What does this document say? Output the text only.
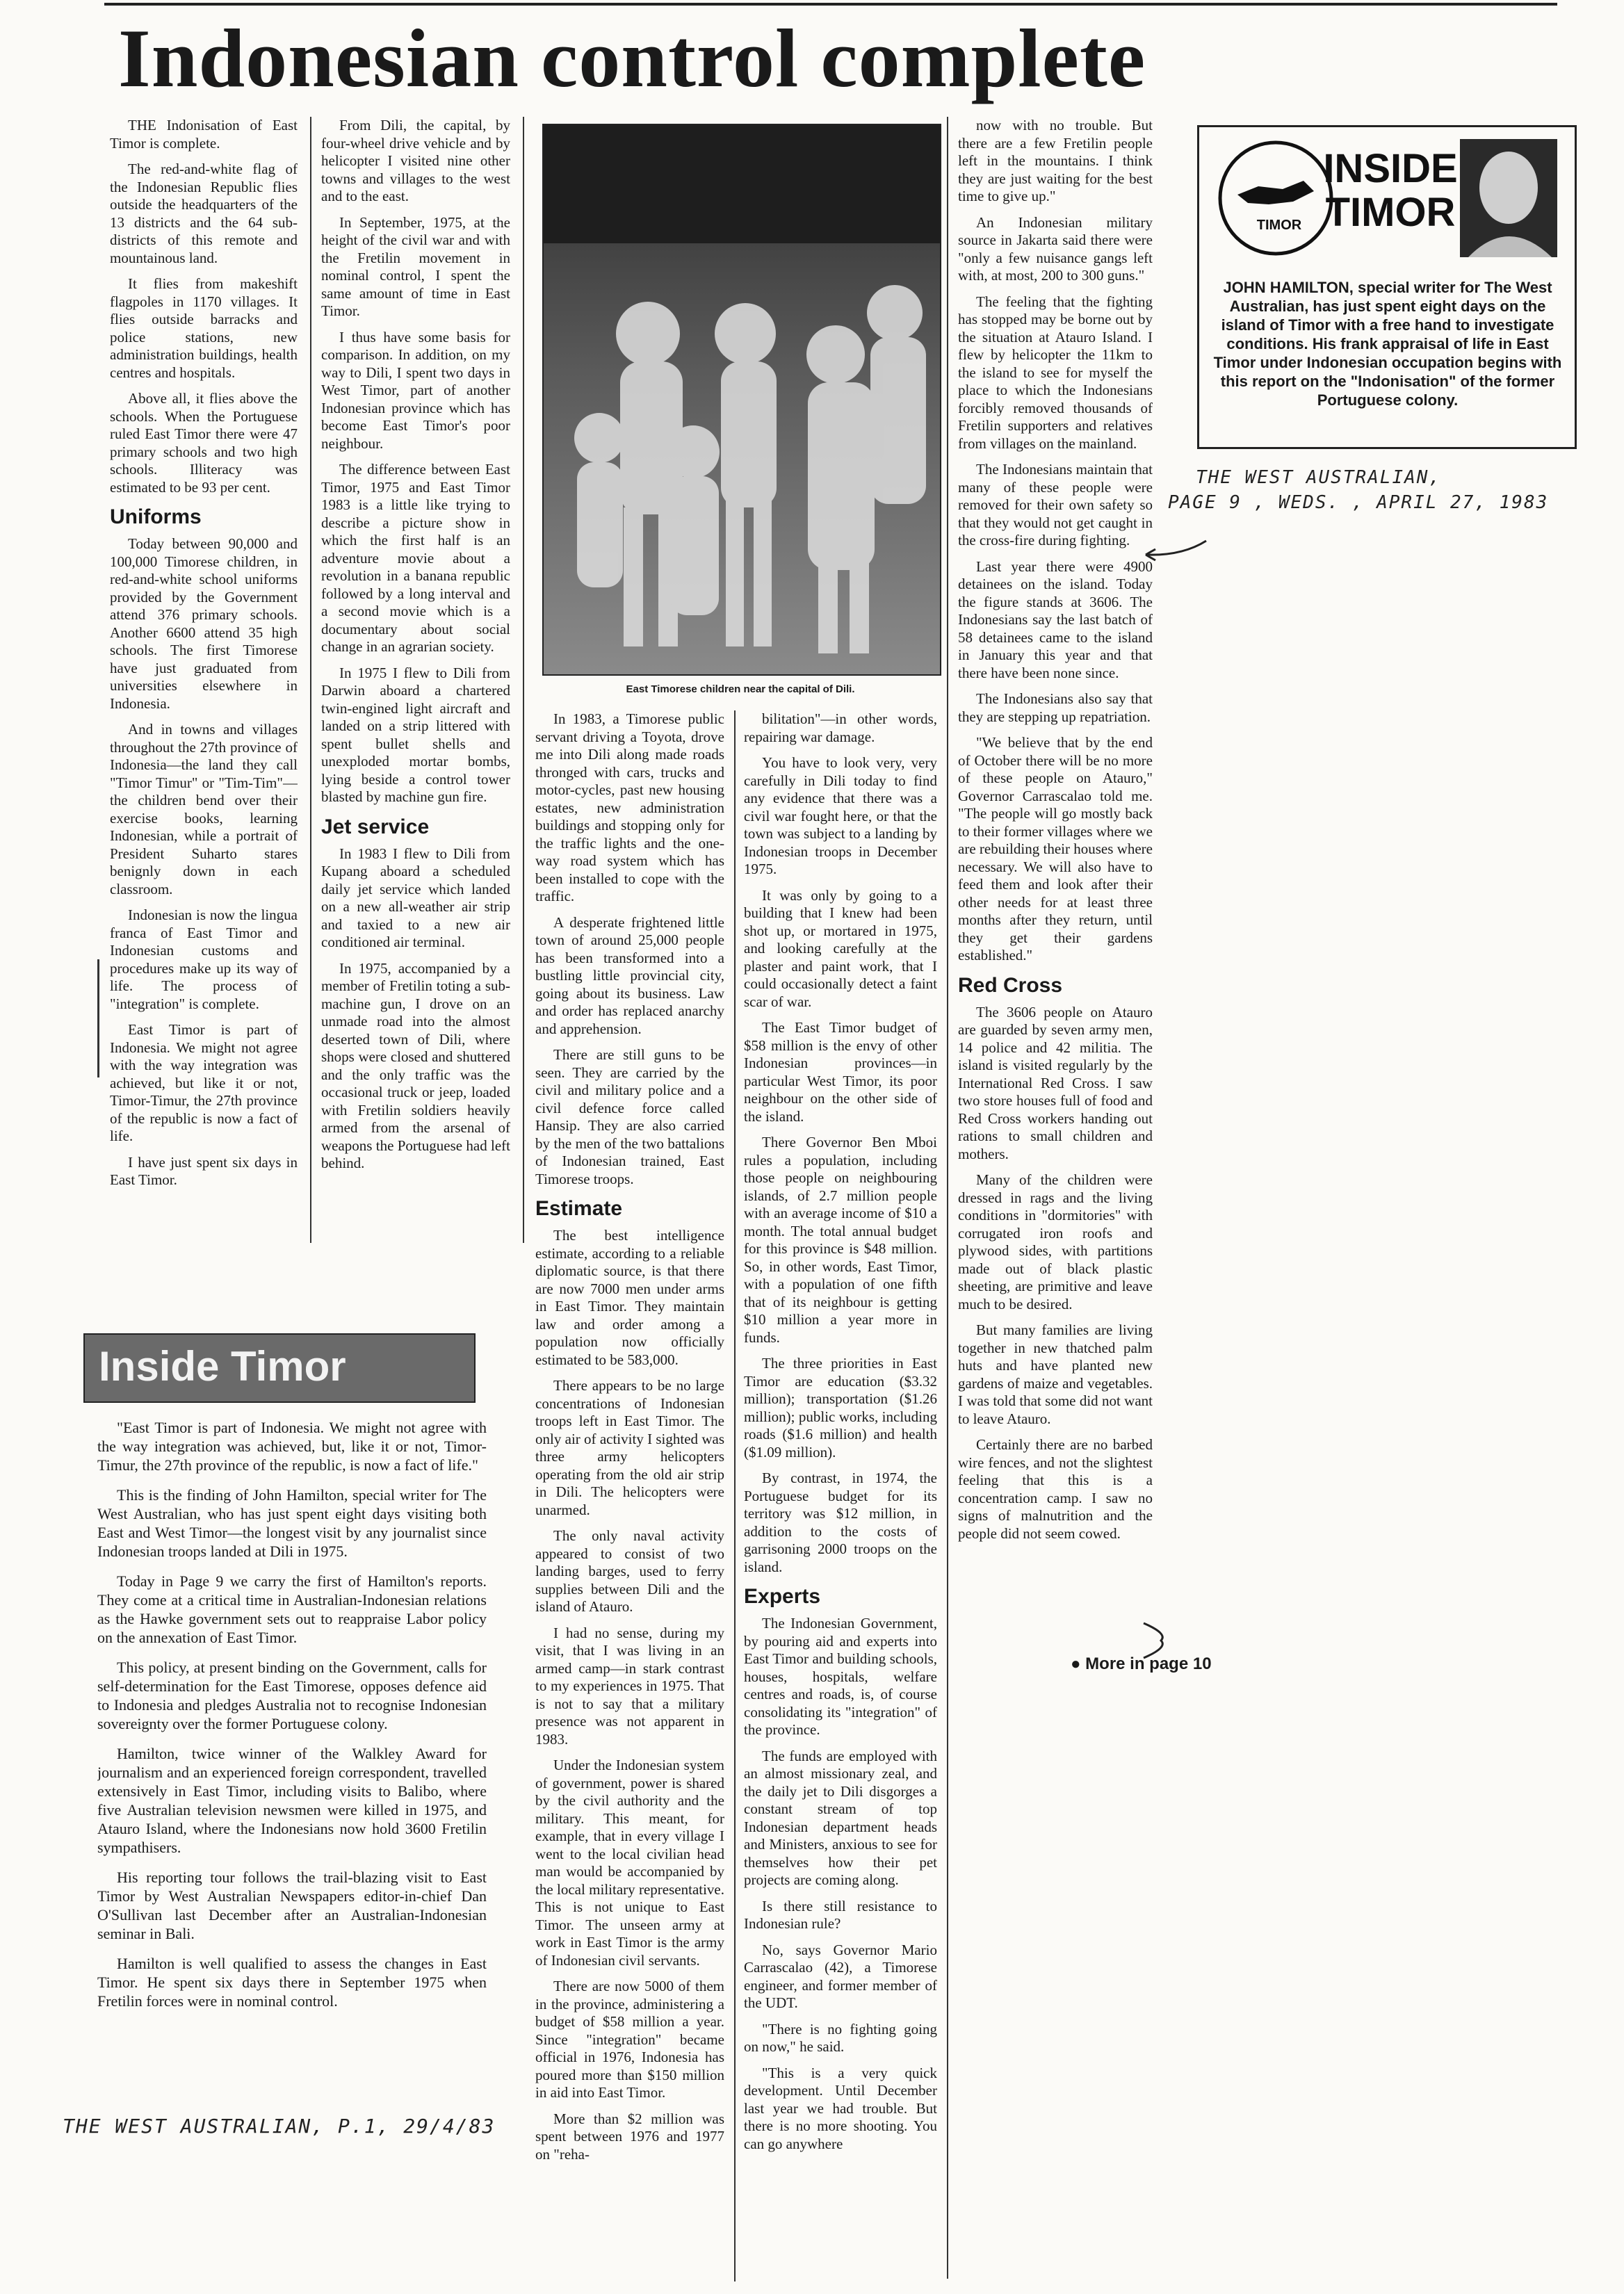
Indonesian control complete

THE Indonisation of East Timor is complete.

The red-and-white flag of the Indonesian Republic flies outside the headquarters of the 13 districts and the 64 sub-districts of this remote and mountainous land.

It flies from makeshift flagpoles in 1170 villages. It flies outside barracks and police stations, new administration buildings, health centres and hospitals.

Above all, it flies above the schools. When the Portuguese ruled East Timor there were 47 primary schools and two high schools. Illiteracy was estimated to be 93 per cent.

Uniforms

Today between 90,000 and 100,000 Timorese children, in red-and-white school uniforms provided by the Government attend 376 primary schools. Another 6600 attend 35 high schools. The first Timorese have just graduated from universities elsewhere in Indonesia.

And in towns and villages throughout the 27th province of Indonesia—the land they call "Timor Timur" or "Tim-Tim"—the children bend over their exercise books, learning Indonesian, while a portrait of President Suharto stares benignly down in each classroom.

Indonesian is now the lingua franca of East Timor and Indonesian customs and procedures make up its way of life. The process of "integration" is complete.

East Timor is part of Indonesia. We might not agree with the way integration was achieved, but like it or not, Timor-Timur, the 27th province of the republic is now a fact of life.

I have just spent six days in East Timor.

From Dili, the capital, by four-wheel drive vehicle and by helicopter I visited nine other towns and villages to the west and to the east.

In September, 1975, at the height of the civil war and with the Fretilin movement in nominal control, I spent the same amount of time in East Timor.

I thus have some basis for comparison. In addition, on my way to Dili, I spent two days in West Timor, part of another Indonesian province which has become East Timor's poor neighbour.

The difference between East Timor, 1975 and East Timor 1983 is a little like trying to describe a picture show in which the first half is an adventure movie about a revolution in a banana republic followed by a long interval and a second movie which is a documentary about social change in an agrarian society.

In 1975 I flew to Dili from Darwin aboard a chartered twin-engined light aircraft and landed on a strip littered with spent bullet shells and unexploded mortar bombs, lying beside a control tower blasted by machine gun fire.

Jet service

In 1983 I flew to Dili from Kupang aboard a scheduled daily jet service which landed on a new all-weather air strip and taxied to a new air conditioned air terminal.

In 1975, accompanied by a member of Fretilin toting a sub-machine gun, I drove on an unmade road into the almost deserted town of Dili, where shops were closed and shuttered and the only traffic was the occasional truck or jeep, loaded with Fretilin soldiers heavily armed from the arsenal of weapons the Portuguese had left behind.

East Timorese children near the capital of Dili.

In 1983, a Timorese public servant driving a Toyota, drove me into Dili along made roads thronged with cars, trucks and motor-cycles, past new housing estates, new administration buildings and stopping only for the traffic lights and the one-way road system which has been installed to cope with the traffic.

A desperate frightened little town of around 25,000 people has been transformed into a bustling little provincial city, going about its business. Law and order has replaced anarchy and apprehension.

There are still guns to be seen. They are carried by the civil and military police and a civil defence force called Hansip. They are also carried by the men of the two battalions of Indonesian trained, East Timorese troops.

Estimate

The best intelligence estimate, according to a reliable diplomatic source, is that there are now 7000 men under arms in East Timor. They maintain law and order among a population now officially estimated to be 583,000.

There appears to be no large concentrations of Indonesian troops left in East Timor. The only air of activity I sighted was three army helicopters operating from the old air strip in Dili. The helicopters were unarmed.

The only naval activity appeared to consist of two landing barges, used to ferry supplies between Dili and the island of Atauro.

I had no sense, during my visit, that I was living in an armed camp—in stark contrast to my experiences in 1975. That is not to say that a military presence was not apparent in 1983.

Under the Indonesian system of government, power is shared by the civil authority and the military. This meant, for example, that in every village I went to the local civilian head man would be accompanied by the local military representative. This is not unique to East Timor. The unseen army at work in East Timor is the army of Indonesian civil servants.

There are now 5000 of them in the province, administering a budget of $58 million a year. Since "integration" became official in 1976, Indonesia has poured more than $150 million in aid into East Timor.

More than $2 million was spent between 1976 and 1977 on "reha-

bilitation"—in other words, repairing war damage.

You have to look very, very carefully in Dili today to find any evidence that there was a civil war fought here, or that the town was subject to a landing by Indonesian troops in December 1975.

It was only by going to a building that I knew had been shot up, or mortared in 1975, and looking carefully at the plaster and paint work, that I could occasionally detect a faint scar of war.

The East Timor budget of $58 million is the envy of other Indonesian provinces—in particular West Timor, its poor neighbour on the other side of the island.

There Governor Ben Mboi rules a population, including those people on neighbouring islands, of 2.7 million people with an average income of $10 a month. The total annual budget for this province is $48 million. So, in other words, East Timor, with a population of one fifth that of its neighbour is getting $10 million a year more in funds.

The three priorities in East Timor are education ($3.32 million); transportation ($1.26 million); public works, including roads ($1.6 million) and health ($1.09 million).

By contrast, in 1974, the Portuguese budget for its territory was $12 million, in addition to the costs of garrisoning 2000 troops on the island.

Experts

The Indonesian Government, by pouring aid and experts into East Timor and building schools, houses, hospitals, welfare centres and roads, is, of course consolidating its "integration" of the province.

The funds are employed with an almost missionary zeal, and the daily jet to Dili disgorges a constant stream of top Indonesian department heads and Ministers, anxious to see for themselves how their pet projects are coming along.

Is there still resistance to Indonesian rule?

No, says Governor Mario Carrascalao (42), a Timorese engineer, and former member of the UDT.

"There is no fighting going on now," he said.

"This is a very quick development. Until December last year we had trouble. But there is no more shooting. You can go anywhere

now with no trouble. But there are a few Fretilin people left in the mountains. I think they are just waiting for the best time to give up."

An Indonesian military source in Jakarta said there were "only a few nuisance gangs left with, at most, 200 to 300 guns."

The feeling that the fighting has stopped may be borne out by the situation at Atauro Island. I flew by helicopter the 11km to the island to see for myself the place to which the Indonesians forcibly removed thousands of Fretilin supporters and relatives from villages on the mainland.

The Indonesians maintain that many of these people were removed for their own safety so that they would not get caught in the cross-fire during fighting.

Last year there were 4900 detainees on the island. Today the figure stands at 3606. The Indonesians say the last batch of 58 detainees came to the island in January this year and that there have been none since.

The Indonesians also say that they are stepping up repatriation.

"We believe that by the end of October there will be no more of these people on Atauro," Governor Carrascalao told me. "The people will go mostly back to their former villages where we are rebuilding their houses where necessary. We will also have to feed them and look after their other needs for at least three months after they return, until they get their gardens established."

Red Cross

The 3606 people on Atauro are guarded by seven army men, 14 police and 42 militia. The island is visited regularly by the International Red Cross. I saw two store houses full of food and Red Cross workers handing out rations to small children and mothers.

Many of the children were dressed in rags and the living conditions in "dormitories" with corrugated iron roofs and plywood sides, with partitions made out of black plastic sheeting, are primitive and leave much to be desired.

But many families are living together in new thatched palm huts and have planted new gardens of maize and vegetables. I was told that some did not want to leave Atauro.

Certainly there are no barbed wire fences, and not the slightest feeling that this is a concentration camp. I saw no signs of malnutrition and the people did not seem cowed.

● More in page 10
TIMOR
INSIDE
TIMOR
JOHN HAMILTON, special writer for The West Australian, has just spent eight days on the island of Timor with a free hand to investigate conditions. His frank appraisal of life in East Timor under Indonesian occupation begins with this report on the "Indonisation" of the former Portuguese colony.
THE WEST AUSTRALIAN,
PAGE 9 , WEDS. , APRIL 27, 1983
Inside Timor

"East Timor is part of Indonesia. We might not agree with the way integration was achieved, but, like it or not, Timor-Timur, the 27th province of the republic, is now a fact of life."

This is the finding of John Hamilton, special writer for The West Australian, who has just spent eight days visiting both East and West Timor—the longest visit by any journalist since Indonesian troops landed at Dili in 1975.

Today in Page 9 we carry the first of Hamilton's reports. They come at a critical time in Australian-Indonesian relations as the Hawke government sets out to reappraise Labor policy on the annexation of East Timor.

This policy, at present binding on the Government, calls for self-determination for the East Timorese, opposes defence aid to Indonesia and pledges Australia not to recognise Indonesian sovereignty over the former Portuguese colony.

Hamilton, twice winner of the Walkley Award for journalism and an experienced foreign correspondent, travelled extensively in East Timor, including visits to Balibo, where five Australian television newsmen were killed in 1975, and Atauro Island, where the Indonesians now hold 3600 Fretilin sympathisers.

His reporting tour follows the trail-blazing visit to East Timor by West Australian Newspapers editor-in-chief Dan O'Sullivan last December after an Australian-Indonesian seminar in Bali.

Hamilton is well qualified to assess the changes in East Timor. He spent six days there in September 1975 when Fretilin forces were in nominal control.

THE WEST AUSTRALIAN, P.1, 29/4/83
